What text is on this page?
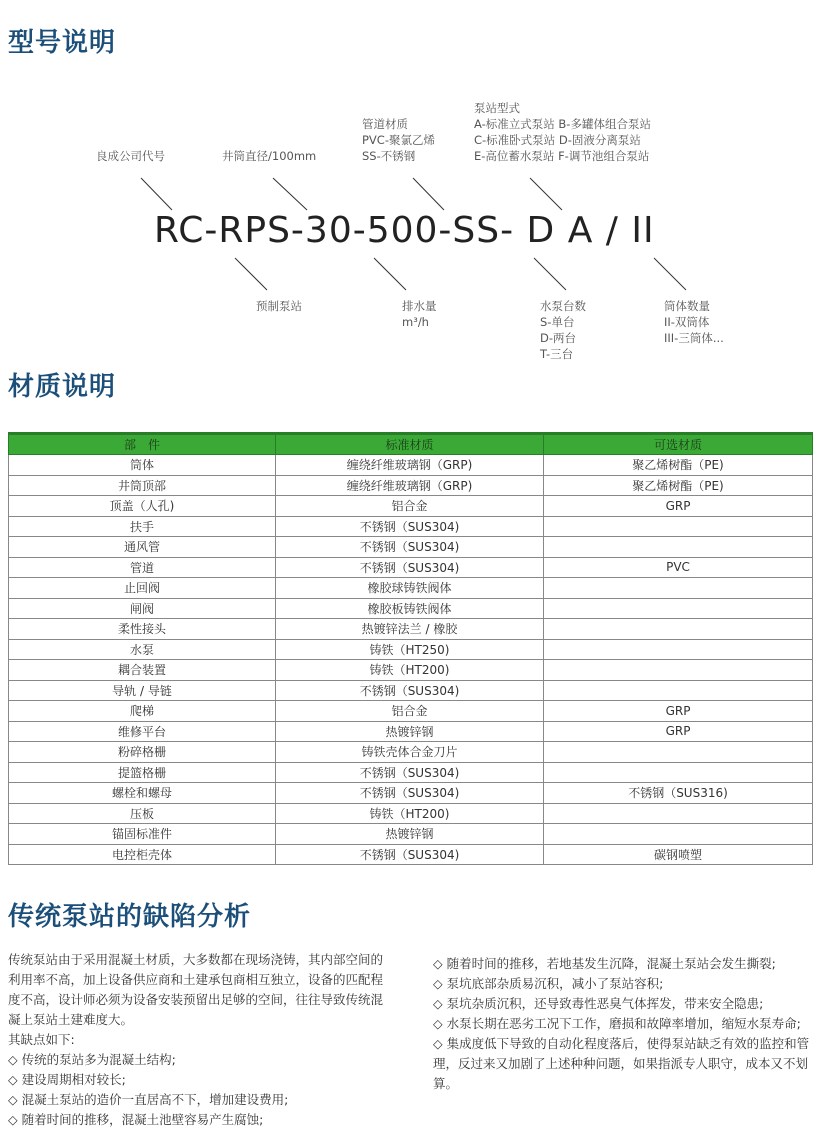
型号说明
良成公司代号	井筒直径/100mm
管道材质
PVC-聚氯乙烯
SS-不锈钢
泵站型式
A-标准立式泵站 B-多罐体组合泵站
C-标准卧式泵站 D-固液分离泵站
E-高位蓄水泵站 F-调节池组合泵站
RC-RPS-30-500-SS- D A / II
预制泵站	排水量
m³/h
水泵台数
S-单台
D-两台
T-三台
筒体数量
II-双筒体
III-三筒体...
材质说明
部　件	标准材质	可选材质
筒体	缠绕纤维玻璃钢（GRP)	聚乙烯树酯（PE)
井筒顶部	缠绕纤维玻璃钢（GRP)	聚乙烯树酯（PE)
顶盖（人孔)	铝合金	GRP
扶手	不锈钢（SUS304)	
通风管	不锈钢（SUS304)	
管道	不锈钢（SUS304)	PVC
止回阀	橡胶球铸铁阀体	
闸阀	橡胶板铸铁阀体	
柔性接头	热镀锌法兰 / 橡胶	
水泵	铸铁（HT250)	
耦合装置	铸铁（HT200)	
导轨 / 导链	不锈钢（SUS304)	
爬梯	铝合金	GRP
维修平台	热镀锌钢	GRP
粉碎格栅	铸铁壳体合金刀片	
提篮格栅	不锈钢（SUS304)	
螺栓和螺母	不锈钢（SUS304)	不锈钢（SUS316)
压板	铸铁（HT200)	
锚固标准件	热镀锌钢	
电控柜壳体	不锈钢（SUS304)	碳钢喷塑
传统泵站的缺陷分析

传统泵站由于采用混凝土材质，大多数都在现场浇铸，其内部空间的利用率不高，加上设备供应商和土建承包商相互独立，设备的匹配程度不高，设计师必须为设备安装预留出足够的空间，往往导致传统混凝上泵站土建难度大。

其缺点如下:

◇ 传统的泵站多为混凝土结构;

◇ 建设周期相对较长;

◇ 混凝土泵站的造价一直居高不下，增加建设费用;

◇ 随着时间的推移，混凝土池壁容易产生腐蚀;

◇ 随着时间的推移，若地基发生沉降，混凝土泵站会发生撕裂;

◇ 泵坑底部杂质易沉积，减小了泵站容积;

◇ 泵坑杂质沉积，还导致毒性恶臭气体挥发，带来安全隐患;

◇ 水泵长期在恶劣工况下工作，磨损和故障率增加，缩短水泵寿命;

◇ 集成度低下导致的自动化程度落后，使得泵站缺乏有效的监控和管理，反过来又加剧了上述种种问题，如果指派专人职守，成本又不划算。
